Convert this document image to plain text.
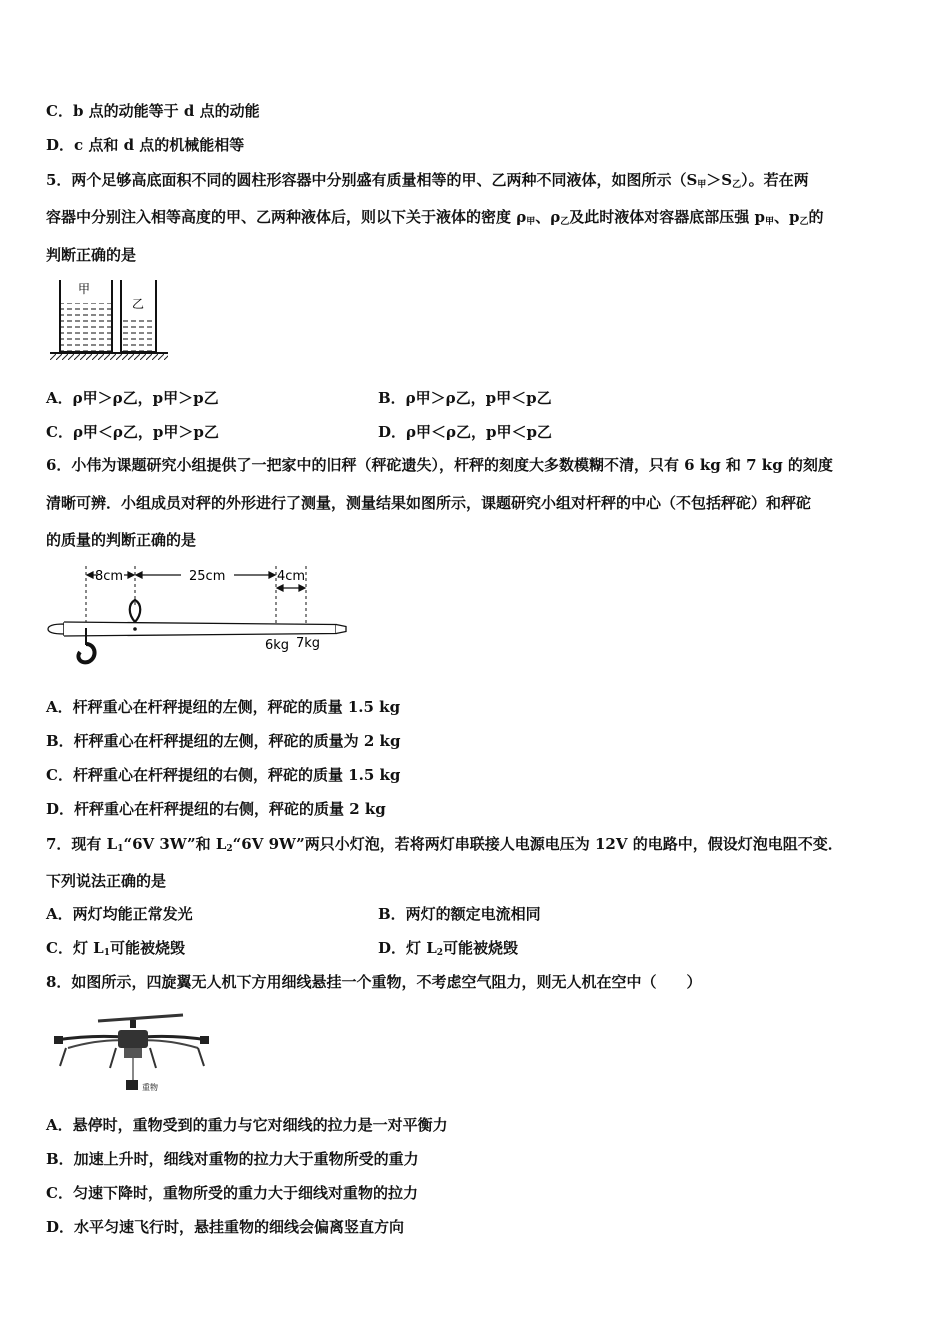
C．b 点的动能等于 d 点的动能
D．c 点和 d 点的机械能相等
5．两个足够高底面积不同的圆柱形容器中分别盛有质量相等的甲、乙两种不同液体，如图所示$(S_甲>S_乙)$。若在两
容器中分别注入相等高度的甲、乙两种液体后，则以下关于液体的密度 $\rho_甲$、$\rho_乙$及此时液体对容器底部压强 $p_甲$、$p_乙$的
判断正确的是
甲
乙
A．ρ甲＞ρ乙，p甲＞p乙	B．ρ甲＞ρ乙，p甲＜p乙
C．ρ甲＜ρ乙，p甲＞p乙	D．ρ甲＜ρ乙，p甲＜p乙
6．小伟为课题研究小组提供了一把家中的旧秤（秤砣遗失），杆秤的刻度大多数模糊不清，只有 6 kg 和 7 kg 的刻度
清晰可辨．小组成员对秤的外形进行了测量，测量结果如图所示，课题研究小组对杆秤的中心（不包括秤砣）和秤砣
的质量的判断正确的是
8cm	25cm	4cm
6kg 7kg
A．杆秤重心在杆秤提纽的左侧，秤砣的质量 1.5 kg
B．杆秤重心在杆秤提纽的左侧，秤砣的质量为 2 kg
C．杆秤重心在杆秤提纽的右侧，秤砣的质量 1.5 kg
D．杆秤重心在杆秤提纽的右侧，秤砣的质量 2 kg
7．现有 $L_1“6V$ 3W”和 $L_2“6V$ 9W”两只小灯泡，若将两灯串联接人电源电压为 12V 的电路中，假设灯泡电阻不变．
下列说法正确的是
A．两灯均能正常发光	B．两灯的额定电流相同
C．灯 $L_1$可能被烧毁	D．灯 $L_2$可能被烧毁
8．如图所示，四旋翼无人机下方用细线悬挂一个重物，不考虑空气阻力，则无人机在空中（　　）
重物
A．悬停时，重物受到的重力与它对细线的拉力是一对平衡力
B．加速上升时，细线对重物的拉力大于重物所受的重力
C．匀速下降时，重物所受的重力大于细线对重物的拉力
D．水平匀速飞行时，悬挂重物的细线会偏离竖直方向
